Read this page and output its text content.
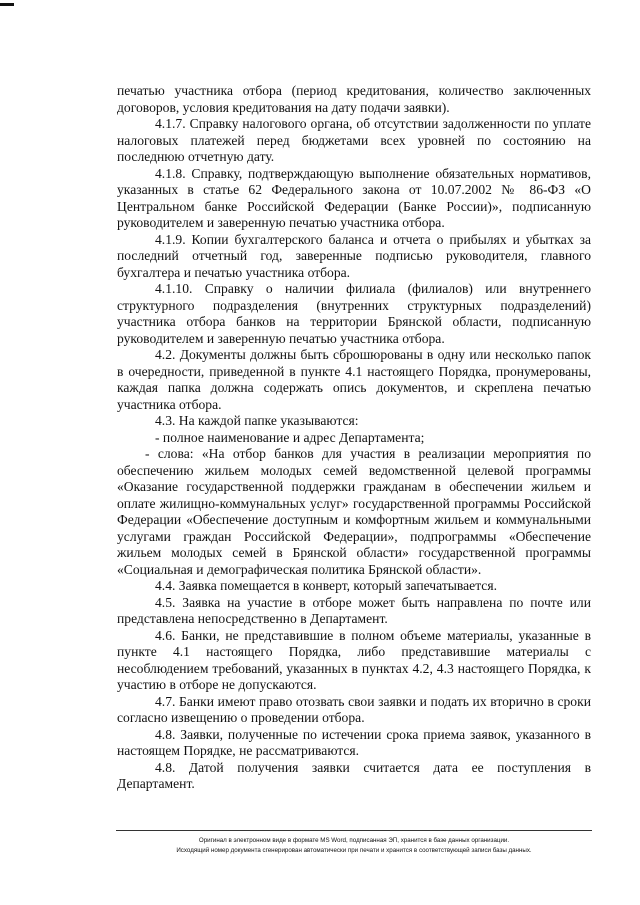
печатью участника отбора (период кредитования, количество заключенных договоров, условия кредитования на дату подачи заявки).

4.1.7. Справку налогового органа, об отсутствии задолженности по уплате налоговых платежей перед бюджетами всех уровней по состоянию на последнюю отчетную дату.

4.1.8. Справку, подтверждающую выполнение обязательных нормативов, указанных в статье 62 Федерального закона от 10.07.2002 № 86-ФЗ «О Центральном банке Российской Федерации (Банке России)», подписанную руководителем и заверенную печатью участника отбора.

4.1.9. Копии бухгалтерского баланса и отчета о прибылях и убытках за последний отчетный год, заверенные подписью руководителя, главного бухгалтера и печатью участника отбора.

4.1.10. Справку о наличии филиала (филиалов) или внутреннего структурного подразделения (внутренних структурных подразделений) участника отбора банков на территории Брянской области, подписанную руководителем и заверенную печатью участника отбора.

4.2. Документы должны быть сброшюрованы в одну или несколько папок в очередности, приведенной в пункте 4.1 настоящего Порядка, пронумерованы, каждая папка должна содержать опись документов, и скреплена печатью участника отбора.

4.3. На каждой папке указываются:

- полное наименование и адрес Департамента;

- слова: «На отбор банков для участия в реализации мероприятия по обеспечению жильем молодых семей ведомственной целевой программы «Оказание государственной поддержки гражданам в обеспечении жильем и оплате жилищно-коммунальных услуг» государственной программы Российской Федерации «Обеспечение доступным и комфортным жильем и коммунальными услугами граждан Российской Федерации», подпрограммы «Обеспечение жильем молодых семей в Брянской области» государственной программы «Социальная и демографическая политика Брянской области».

4.4. Заявка помещается в конверт, который запечатывается.

4.5. Заявка на участие в отборе может быть направлена по почте или представлена непосредственно в Департамент.

4.6. Банки, не представившие в полном объеме материалы, указанные в пункте 4.1 настоящего Порядка, либо представившие материалы с несоблюдением требований, указанных в пунктах 4.2, 4.3 настоящего Порядка, к участию в отборе не допускаются.

4.7. Банки имеют право отозвать свои заявки и подать их вторично в сроки согласно извещению о проведении отбора.

4.8. Заявки, полученные по истечении срока приема заявок, указанного в настоящем Порядке, не рассматриваются.

4.8. Датой получения заявки считается дата ее поступления в Департамент.

Оригинал в электронном виде в формате MS Word, подписанная ЭП, хранится в базе данных организации.

Исходящий номер документа сгенерирован автоматически при печати и хранится в соответствующей записи базы данных.
